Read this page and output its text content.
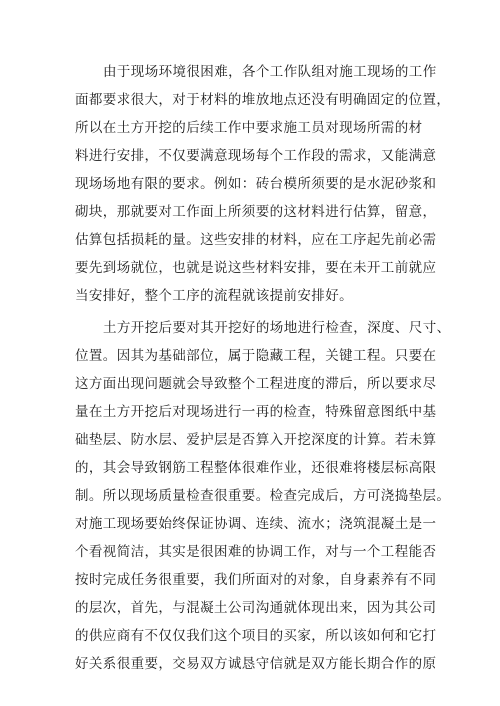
由于现场环境很困难，各个工作队组对施工现场的工作
面都要求很大，对于材料的堆放地点还没有明确固定的位置，
所以在土方开挖的后续工作中要求施工员对现场所需的材
料进行安排，不仅要满意现场每个工作段的需求，又能满意
现场场地有限的要求。例如：砖台模所须要的是水泥砂浆和
砌块，那就要对工作面上所须要的这材料进行估算，留意，
估算包括损耗的量。这些安排的材料，应在工序起先前必需
要先到场就位，也就是说这些材料安排，要在未开工前就应
当安排好，整个工序的流程就该提前安排好。
土方开挖后要对其开挖好的场地进行检查，深度、尺寸、
位置。因其为基础部位，属于隐藏工程，关键工程。只要在
这方面出现问题就会导致整个工程进度的滞后，所以要求尽
量在土方开挖后对现场进行一再的检查，特殊留意图纸中基
础垫层、防水层、爱护层是否算入开挖深度的计算。若未算
的，其会导致钢筋工程整体很难作业，还很难将楼层标高限
制。所以现场质量检查很重要。检查完成后，方可浇捣垫层。
对施工现场要始终保证协调、连续、流水；浇筑混凝土是一
个看视简洁，其实是很困难的协调工作，对与一个工程能否
按时完成任务很重要，我们所面对的对象，自身素养有不同
的层次，首先，与混凝土公司沟通就体现出来，因为其公司
的供应商有不仅仅我们这个项目的买家，所以该如何和它打
好关系很重要，交易双方诚恳守信就是双方能长期合作的原
